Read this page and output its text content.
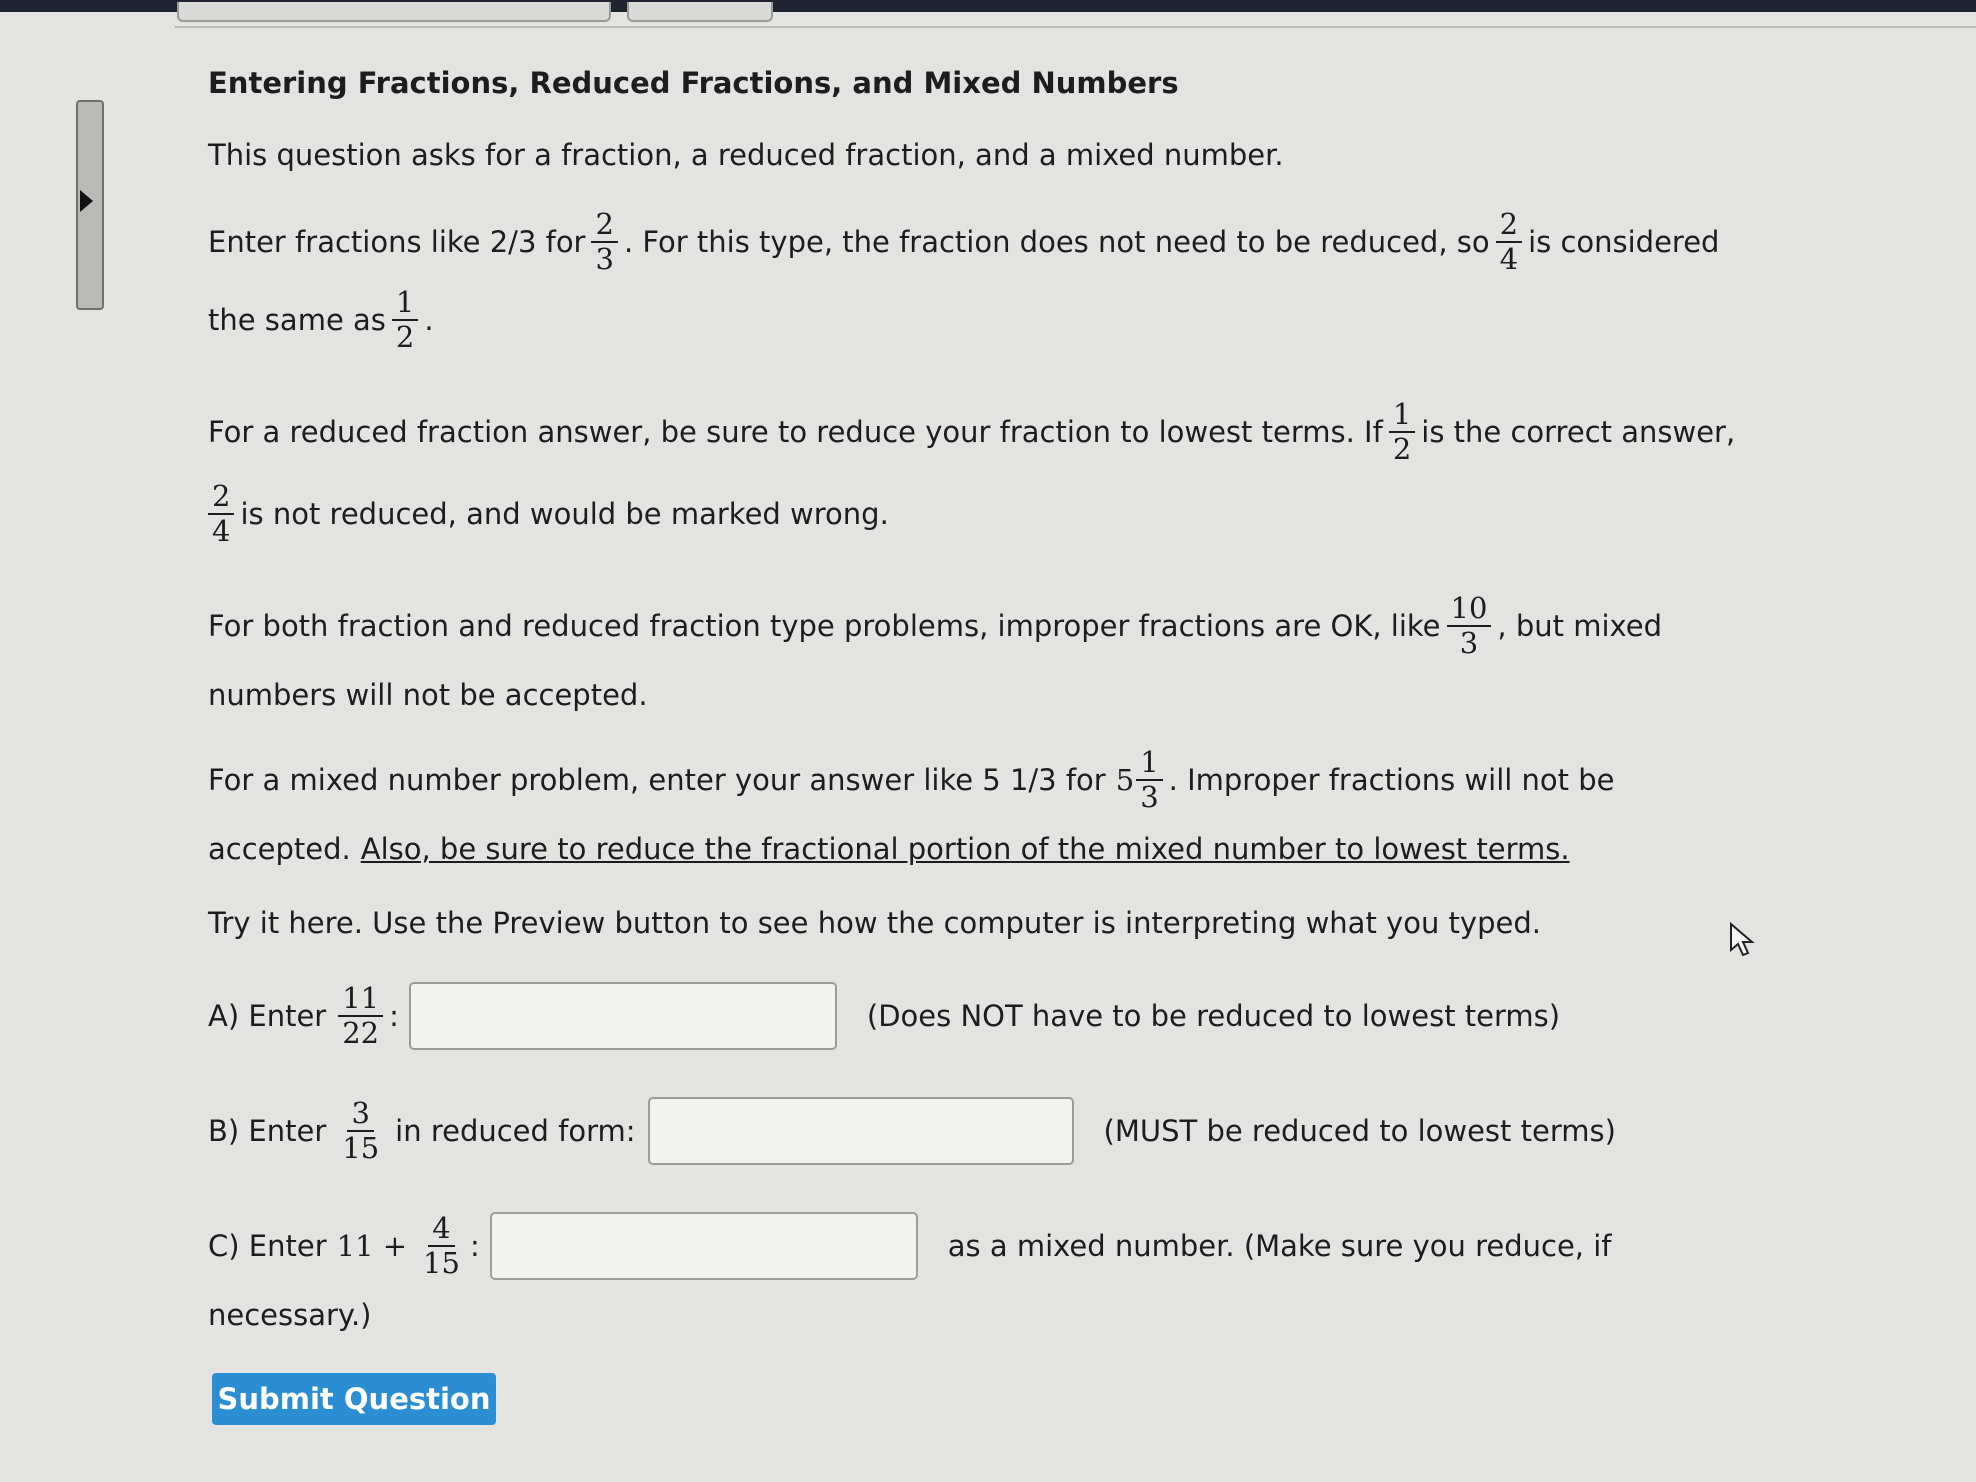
Entering Fractions, Reduced Fractions, and Mixed Numbers
This question asks for a fraction, a reduced fraction, and a mixed number.
Enter fractions like 2/3 for $\frac{2}{3}$ . For this type, the fraction does not need to be reduced, so $\frac{2}{4}$ is considered
the same as $\frac{1}{2}$ .
For a reduced fraction answer, be sure to reduce your fraction to lowest terms. If $\frac{1}{2}$ is the correct answer,
$\frac{2}{4}$ is not reduced, and would be marked wrong.
For both fraction and reduced fraction type problems, improper fractions are OK, like $\frac{10}{3}$ , but mixed
numbers will not be accepted.
For a mixed number problem, enter your answer like 5 1/3 for $5 \frac{1}{3}$ . Improper fractions will not be
accepted. Also, be sure to reduce the fractional portion of the mixed number to lowest terms.
Try it here. Use the Preview button to see how the computer is interpreting what you typed.
A) Enter $\frac{11}{22}$ :	(Does NOT have to be reduced to lowest terms)
B) Enter $\frac{3}{15}$ in reduced form:	(MUST be reduced to lowest terms)
C) Enter $11 + \frac{4}{15}$ :	as a mixed number. (Make sure you reduce, if
necessary.)
Submit Question
